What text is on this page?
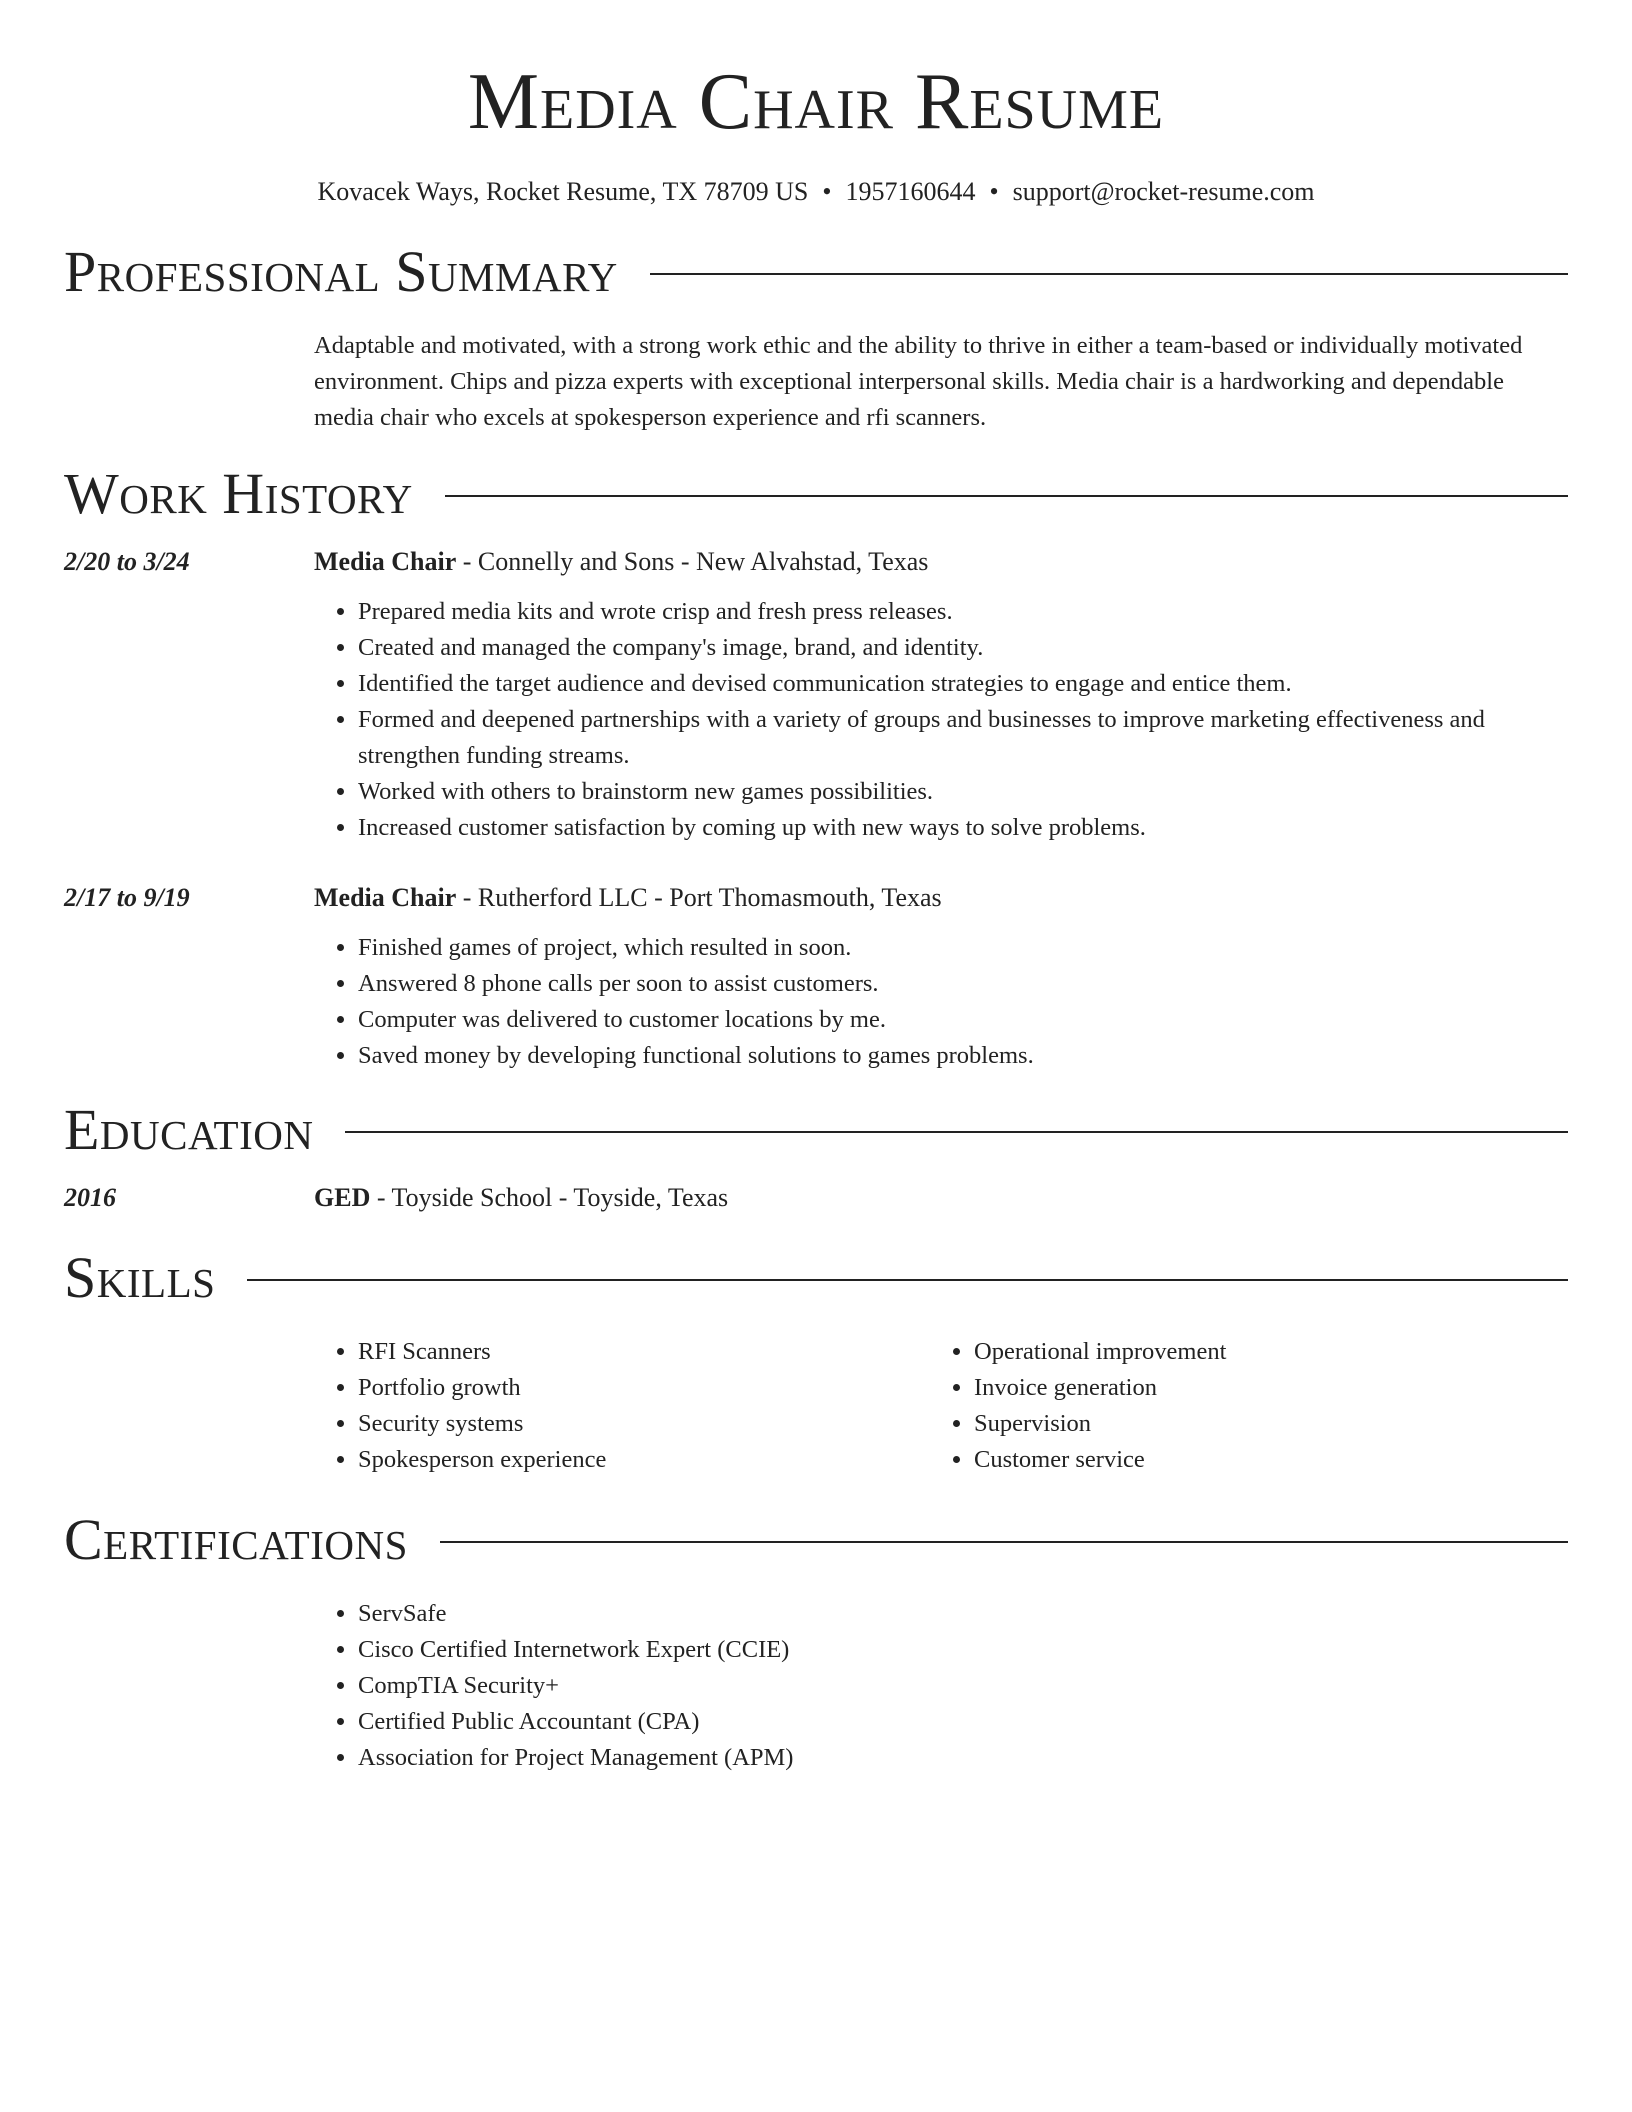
Media Chair Resume
Kovacek Ways, Rocket Resume, TX 78709 US • 1957160644 • support@rocket-resume.com
Professional Summary
Adaptable and motivated, with a strong work ethic and the ability to thrive in either a team-based or individually motivated environment. Chips and pizza experts with exceptional interpersonal skills. Media chair is a hardworking and dependable media chair who excels at spokesperson experience and rfi scanners.
Work History
2/20 to 3/24	Media Chair - Connelly and Sons - New Alvahstad, Texas
• Prepared media kits and wrote crisp and fresh press releases.
• Created and managed the company's image, brand, and identity.
• Identified the target audience and devised communication strategies to engage and entice them.
• Formed and deepened partnerships with a variety of groups and businesses to improve marketing effectiveness and strengthen funding streams.
• Worked with others to brainstorm new games possibilities.
• Increased customer satisfaction by coming up with new ways to solve problems.
2/17 to 9/19	Media Chair - Rutherford LLC - Port Thomasmouth, Texas
• Finished games of project, which resulted in soon.
• Answered 8 phone calls per soon to assist customers.
• Computer was delivered to customer locations by me.
• Saved money by developing functional solutions to games problems.
Education
2016	GED - Toyside School - Toyside, Texas
Skills
• RFI Scanners
• Portfolio growth
• Security systems
• Spokesperson experience
• Operational improvement
• Invoice generation
• Supervision
• Customer service
Certifications
• ServSafe
• Cisco Certified Internetwork Expert (CCIE)
• CompTIA Security+
• Certified Public Accountant (CPA)
• Association for Project Management (APM)
